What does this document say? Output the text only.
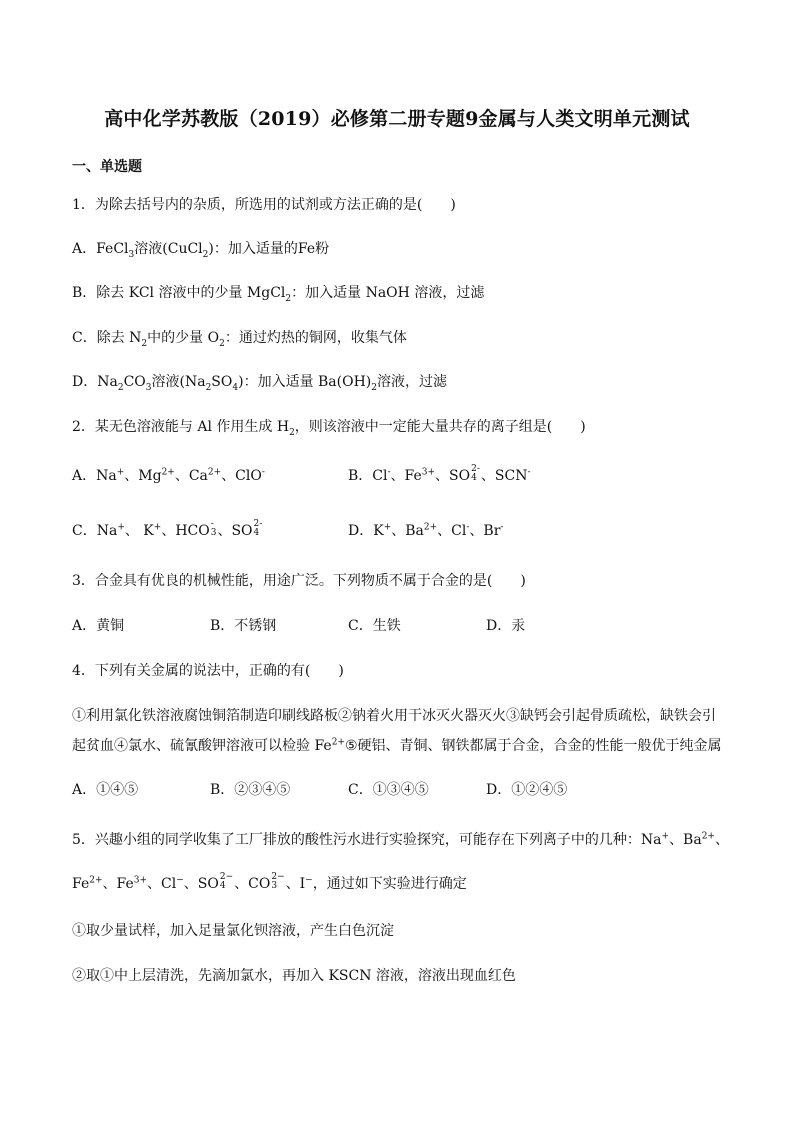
高中化学苏教版（2019）必修第二册专题9金属与人类文明单元测试
一、单选题
1．为除去括号内的杂质，所选用的试剂或方法正确的是(　　)
A．FeCl$_3$溶液(CuCl$_2$)：加入适量的Fe粉
B．除去 KCl 溶液中的少量 MgCl$_2$：加入适量 NaOH 溶液，过滤
C．除去 $N_2$中的少量 $O_2$：通过灼热的铜网，收集气体
D．$Na_2CO_3$溶液$(Na_2SO_4)$：加入适量 $Ba(OH)_2$溶液，过滤
2．某无色溶液能与 Al 作用生成 $H_2$，则该溶液中一定能大量共存的离子组是(　　)
A．Na+、$Mg^{2+}$、$Ca^{2+}$、ClO-	B．Cl-、$Fe^{3+}$、SO 2-
4 、SCN-
C．Na+、 K+、HCO -
3 、SO 2-
4	D．K+、$Ba^{2+}$、Cl-、Br-
3．合金具有优良的机械性能，用途广泛。下列物质不属于合金的是(　　)
A．黄铜	B．不锈钢	C．生铁	D．汞
4．下列有关金属的说法中，正确的有(　　)
①利用氯化铁溶液腐蚀铜箔制造印刷线路板②钠着火用干冰灭火器灭火③缺钙会引起骨质疏松，缺铁会引
起贫血④氯水、硫氰酸钾溶液可以检验 $Fe^{2+}⑤$硬铝、青铜、钢铁都属于合金，合金的性能一般优于纯金属
A．①④⑤	B．②③④⑤	C．①③④⑤	D．①②④⑤
5．兴趣小组的同学收集了工厂排放的酸性污水进行实验探究，可能存在下列离子中的几种：Na+、$Ba^{2+}$、
$Fe^{2+}$、$Fe^{3+}$、Cl−、SO 2−
4 、CO 2−
3 、I−，通过如下实验进行确定
①取少量试样，加入足量氯化钡溶液，产生白色沉淀
②取①中上层清洗，先滴加氯水，再加入 KSCN 溶液，溶液出现血红色
